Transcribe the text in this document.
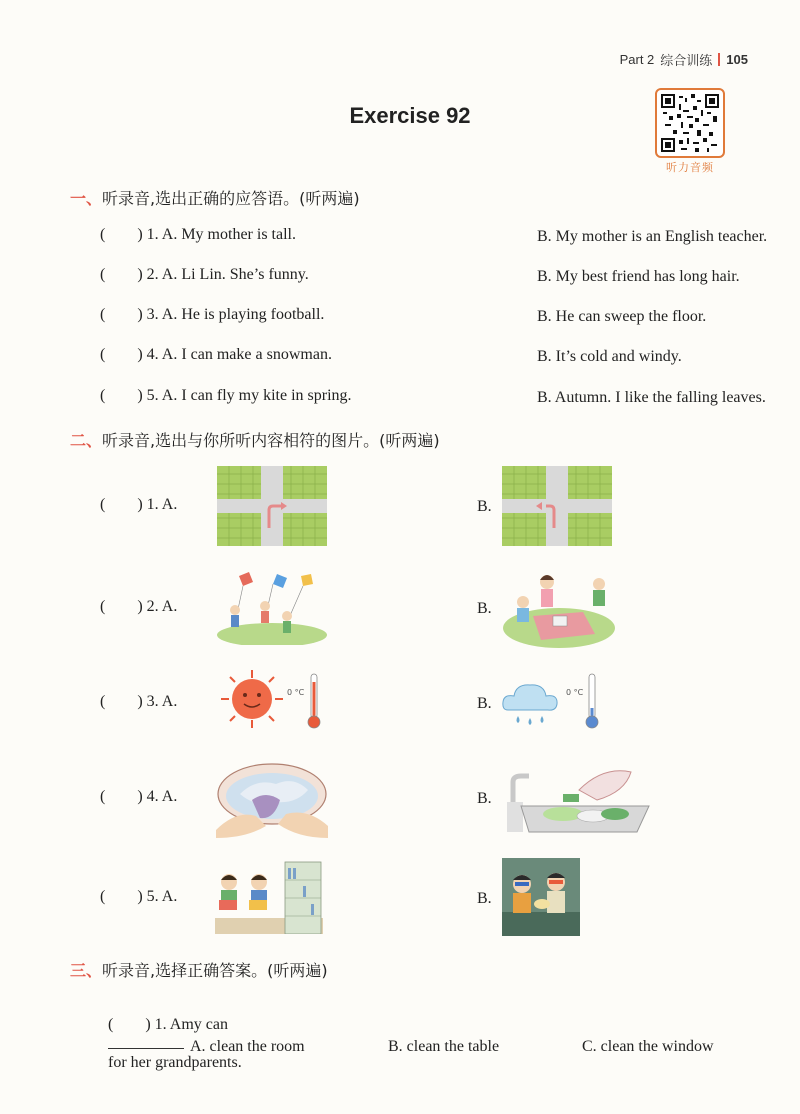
Part 2 综合训练 105
Exercise 92
听力音频
一、听录音,选出正确的应答语。(听两遍)
(        ) 1. A. My mother is tall.	B. My mother is an English teacher.
(        ) 2. A. Li Lin. She’s funny.	B. My best friend has long hair.
(        ) 3. A. He is playing football.	B. He can sweep the floor.
(        ) 4. A. I can make a snowman.	B. It’s cold and windy.
(        ) 5. A. I can fly my kite in spring.	B. Autumn. I like the falling leaves.
二、听录音,选出与你所听内容相符的图片。(听两遍)
(        ) 1. A.	B.
(        ) 2. A.	B.
(        ) 3. A.
0 °C
B.
0 °C
(        ) 4. A.	B.
(        ) 5. A.	B.
三、听录音,选择正确答案。(听两遍)

(        ) 1. Amy can

for her grandparents.

A. clean the room	B. clean the table	C. clean the window
